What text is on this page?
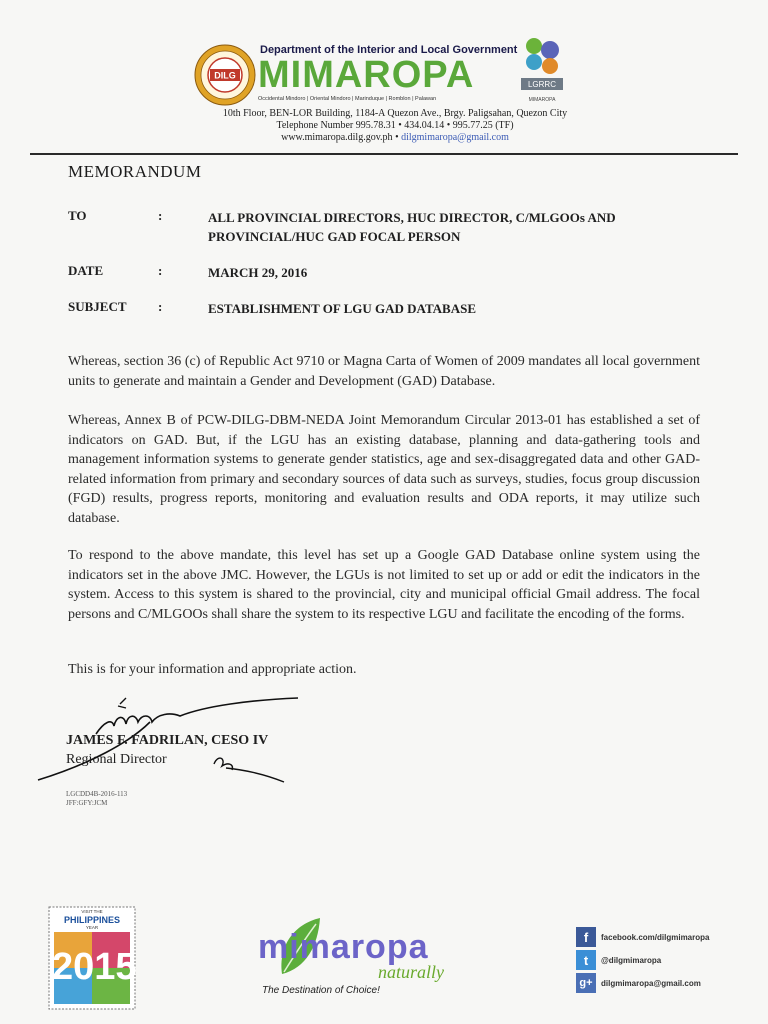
DILG
Department of the Interior and Local Government
MIMAROPA
Occidental Mindoro | Oriental Mindoro | Marinduque | Romblon | Palawan
LGRRC
MIMAROPA
10th Floor, BEN-LOR Building, 1184-A Quezon Ave., Brgy. Paligsahan, Quezon City
Telephone Number 995.78.31 • 434.04.14 • 995.77.25 (TF)
www.mimaropa.dilg.gov.ph • dilgmimaropa@gmail.com
MEMORANDUM
TO	:	ALL PROVINCIAL DIRECTORS, HUC DIRECTOR, C/MLGOOs AND PROVINCIAL/HUC GAD FOCAL PERSON
DATE	:	MARCH 29, 2016
SUBJECT :	ESTABLISHMENT OF LGU GAD DATABASE
Whereas, section 36 (c) of Republic Act 9710 or Magna Carta of Women of 2009 mandates all local government units to generate and maintain a Gender and Development (GAD) Database.
Whereas, Annex B of PCW-DILG-DBM-NEDA Joint Memorandum Circular 2013-01 has established a set of indicators on GAD. But, if the LGU has an existing database, planning and data-gathering tools and management information systems to generate gender statistics, age and sex-disaggregated data and other GAD-related information from primary and secondary sources of data such as surveys, studies, focus group discussion (FGD) results, progress reports, monitoring and evaluation results and ODA reports, it may utilize such database.
To respond to the above mandate, this level has set up a Google GAD Database online system using the indicators set in the above JMC. However, the LGUs is not limited to set up or add or edit the indicators in the system. Access to this system is shared to the provincial, city and municipal official Gmail address. The focal persons and C/MLGOOs shall share the system to its respective LGU and facilitate the encoding of the forms.
This is for your information and appropriate action.
JAMES F. FADRILAN, CESO IV
Regional Director
LGCDD4B-2016-113
JFF:GFY:JCM
VISIT THE
PHILIPPINES
YEAR
2015	mimaropa
naturally
The Destination of Choice!
f	facebook.com/dilgmimaropa
t	@dilgmimaropa
g+	dilgmimaropa@gmail.com
